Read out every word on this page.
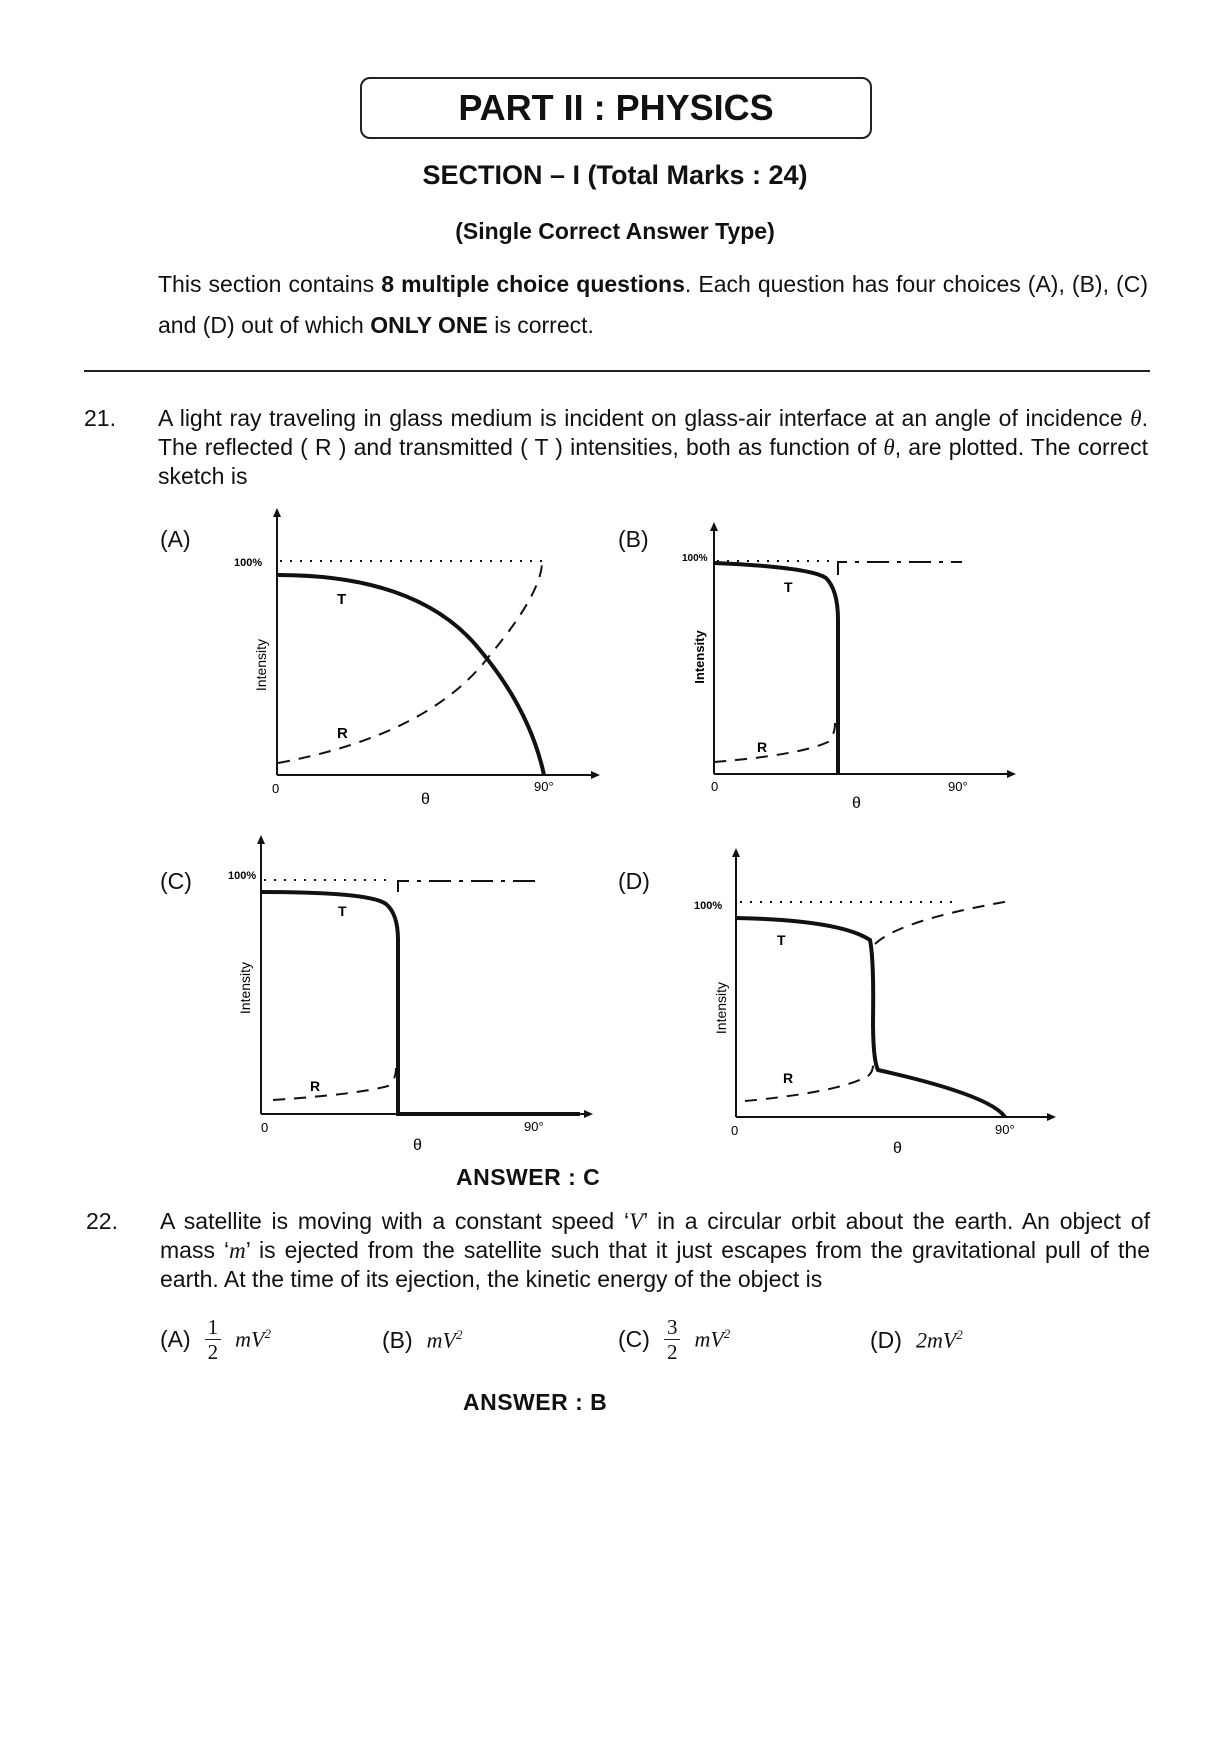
PART II : PHYSICS
SECTION – I (Total Marks : 24)
(Single Correct Answer Type)
This section contains 8 multiple choice questions. Each question has four choices (A), (B), (C) and (D) out of which ONLY ONE is correct.
21. A light ray traveling in glass medium is incident on glass-air interface at an angle of incidence θ. The reflected ( R ) and transmitted ( T ) intensities, both as function of θ, are plotted. The correct sketch is
(A)	(B)
(C)	(D)
100%
T
R
0	90°
θ
Intensity
100%
T
R
0	90°
θ
Intensity
100%
T
R
0	90°
θ
Intensity
100%
T
R
0	90°
θ
Intensity
ANSWER : C
22. A satellite is moving with a constant speed ‘V’ in a circular orbit about the earth. An object of mass ‘m’ is ejected from the satellite such that it just escapes from the gravitational pull of the earth. At the time of its ejection, the kinetic energy of the object is
$(A) \frac{1}{2} mV^2$	(B) $mV^2$	$(C) \frac{3}{2} mV^2$	(D) $2mV^2$
ANSWER : B
